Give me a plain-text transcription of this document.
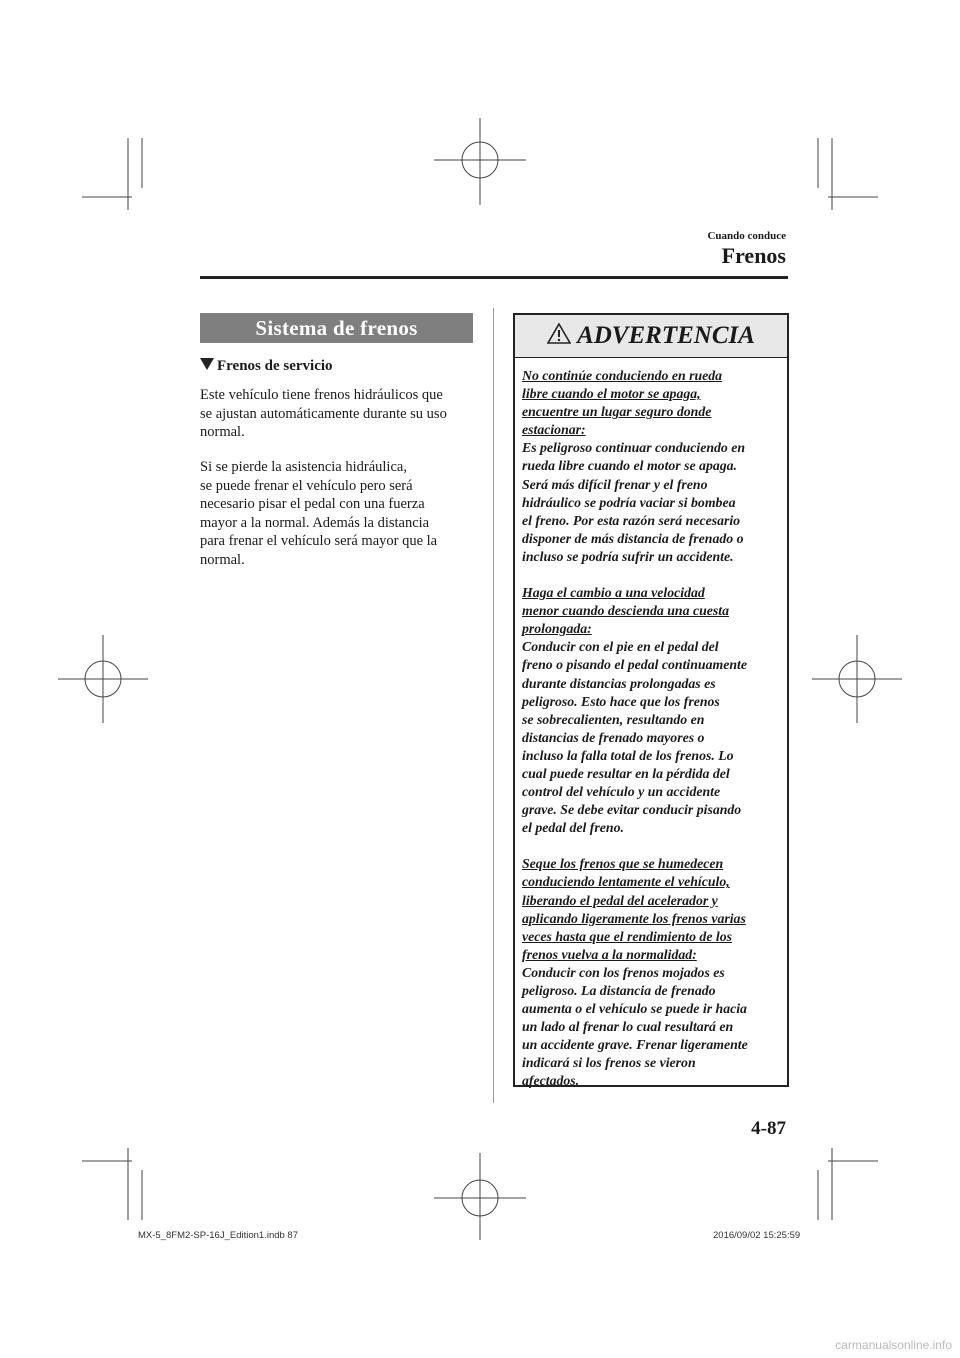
Cuando conduce
Frenos
Sistema de frenos
Frenos de servicio
Este vehículo tiene frenos hidráulicos que
se ajustan automáticamente durante su uso
normal.
Si se pierde la asistencia hidráulica,
se puede frenar el vehículo pero será
necesario pisar el pedal con una fuerza
mayor a la normal. Además la distancia
para frenar el vehículo será mayor que la
normal.
ADVERTENCIA
No continúe conduciendo en rueda
libre cuando el motor se apaga,
encuentre un lugar seguro donde
estacionar:
Es peligroso continuar conduciendo en
rueda libre cuando el motor se apaga.
Será más difícil frenar y el freno
hidráulico se podría vaciar si bombea
el freno. Por esta razón será necesario
disponer de más distancia de frenado o
incluso se podría sufrir un accidente.
Haga el cambio a una velocidad
menor cuando descienda una cuesta
prolongada:
Conducir con el pie en el pedal del
freno o pisando el pedal continuamente
durante distancias prolongadas es
peligroso. Esto hace que los frenos
se sobrecalienten, resultando en
distancias de frenado mayores o
incluso la falla total de los frenos. Lo
cual puede resultar en la pérdida del
control del vehículo y un accidente
grave. Se debe evitar conducir pisando
el pedal del freno.
Seque los frenos que se humedecen
conduciendo lentamente el vehículo,
liberando el pedal del acelerador y
aplicando ligeramente los frenos varias
veces hasta que el rendimiento de los
frenos vuelva a la normalidad:
Conducir con los frenos mojados es
peligroso. La distancia de frenado
aumenta o el vehículo se puede ir hacia
un lado al frenar lo cual resultará en
un accidente grave. Frenar ligeramente
indicará si los frenos se vieron
afectados.
4-87
MX-5_8FM2-SP-16J_Edition1.indb 87	2016/09/02 15:25:59
carmanualsonline.info
